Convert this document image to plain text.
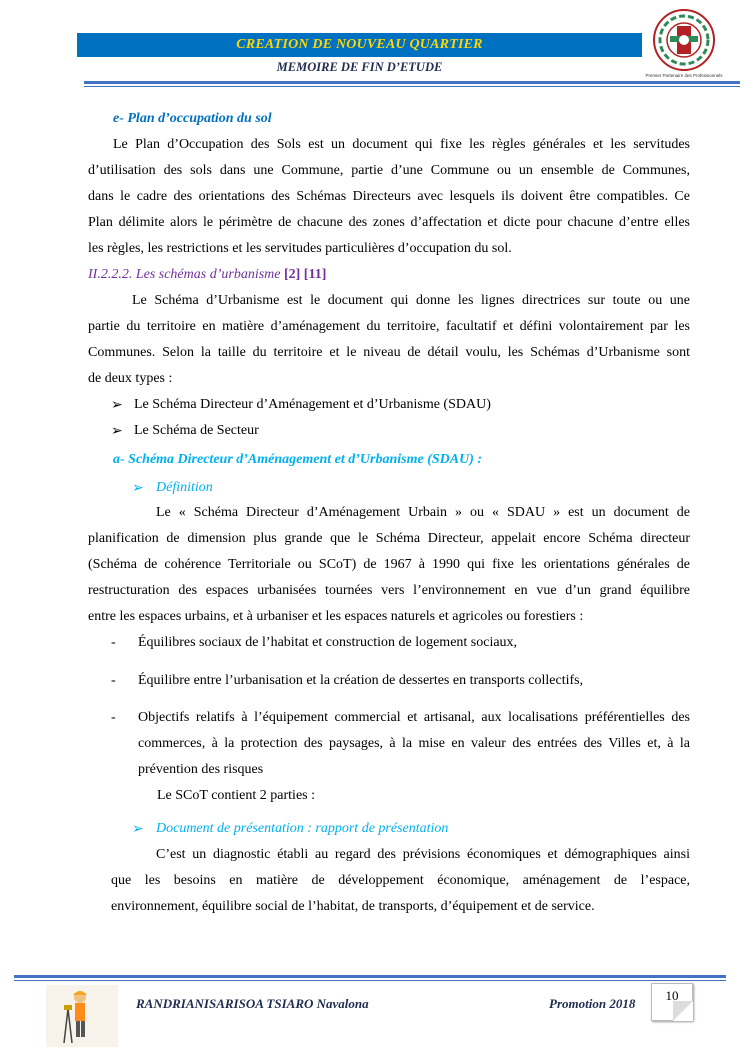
CREATION DE NOUVEAU QUARTIER
MEMOIRE DE FIN D’ETUDE
Premier Partenaire des Professionnels
e- Plan d’occupation du sol
Le Plan d’Occupation des Sols est un document qui fixe les règles générales et les servitudes
d’utilisation des sols dans une Commune, partie d’une Commune ou un ensemble de Communes,
dans le cadre des orientations des Schémas Directeurs avec lesquels ils doivent être compatibles. Ce
Plan délimite alors le périmètre de chacune des zones d’affectation et dicte pour chacune d’entre elles
les règles, les restrictions et les servitudes particulières d’occupation du sol.
II.2.2.2. Les schémas d’urbanisme [2] [11]
Le Schéma d’Urbanisme est le document qui donne les lignes directrices sur toute ou une
partie du territoire en matière d’aménagement du territoire, facultatif et défini volontairement par les
Communes. Selon la taille du territoire et le niveau de détail voulu, les Schémas d’Urbanisme sont
de deux types :
➢ Le Schéma Directeur d’Aménagement et d’Urbanisme (SDAU)
➢ Le Schéma de Secteur
a- Schéma Directeur d’Aménagement et d’Urbanisme (SDAU) :
➢ Définition
Le « Schéma Directeur d’Aménagement Urbain » ou « SDAU » est un document de
planification de dimension plus grande que le Schéma Directeur, appelait encore Schéma directeur
(Schéma de cohérence Territoriale ou SCoT) de 1967 à 1990 qui fixe les orientations générales de
restructuration des espaces urbanisées tournées vers l’environnement en vue d’un grand équilibre
entre les espaces urbains, et à urbaniser et les espaces naturels et agricoles ou forestiers :
- Équilibres sociaux de l’habitat et construction de logement sociaux,
- Équilibre entre l’urbanisation et la création de dessertes en transports collectifs,
- Objectifs relatifs à l’équipement commercial et artisanal, aux localisations préférentielles des
commerces, à la protection des paysages, à la mise en valeur des entrées des Villes et, à la
prévention des risques
Le SCoT contient 2 parties :
➢ Document de présentation : rapport de présentation
C’est un diagnostic établi au regard des prévisions économiques et démographiques ainsi
que les besoins en matière de développement économique, aménagement de l’espace,
environnement, équilibre social de l’habitat, de transports, d’équipement et de service.
RANDRIANISARISOA TSIARO Navalona	Promotion 2018
10
